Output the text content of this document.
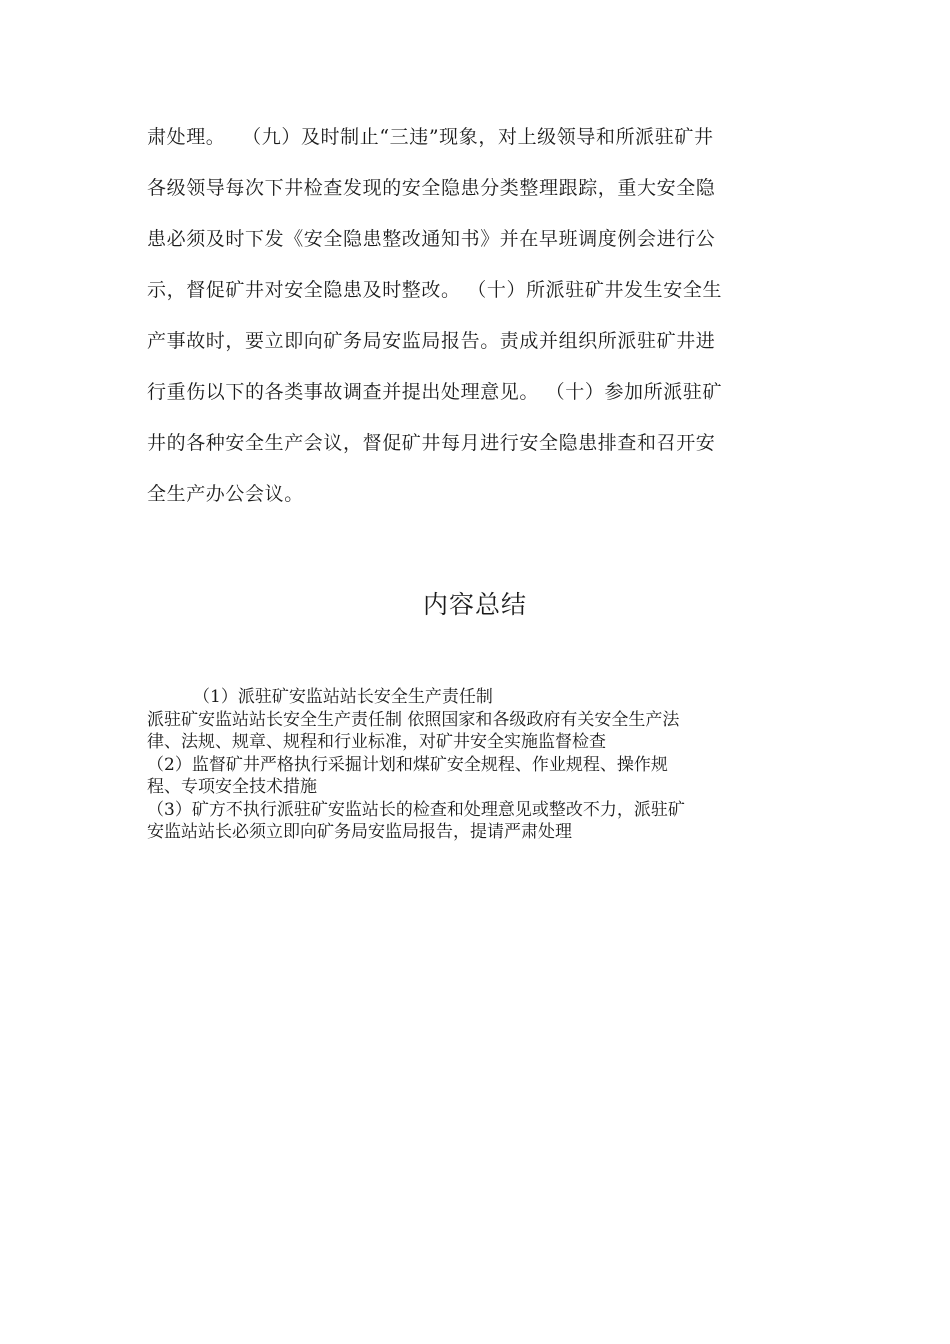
肃处理。　 （九）及时制止“三违”现象，对上级领导和所派驻矿井
各级领导每次下井检查发现的安全隐患分类整理跟踪，重大安全隐
患必须及时下发《安全隐患整改通知书》并在早班调度例会进行公
示，督促矿井对安全隐患及时整改。 （十）所派驻矿井发生安全生
产事故时，要立即向矿务局安监局报告。责成并组织所派驻矿井进
行重伤以下的各类事故调查并提出处理意见。 （十）参加所派驻矿
井的各种安全生产会议，督促矿井每月进行安全隐患排查和召开安
全生产办公会议。
内容总结
（1）派驻矿安监站站长安全生产责任制
派驻矿安监站站长安全生产责任制 依照国家和各级政府有关安全生产法
律、法规、规章、规程和行业标准，对矿井安全实施监督检查
（2）监督矿井严格执行采掘计划和煤矿安全规程、作业规程、操作规
程、专项安全技术措施
（3）矿方不执行派驻矿安监站长的检查和处理意见或整改不力，派驻矿
安监站站长必须立即向矿务局安监局报告，提请严肃处理
